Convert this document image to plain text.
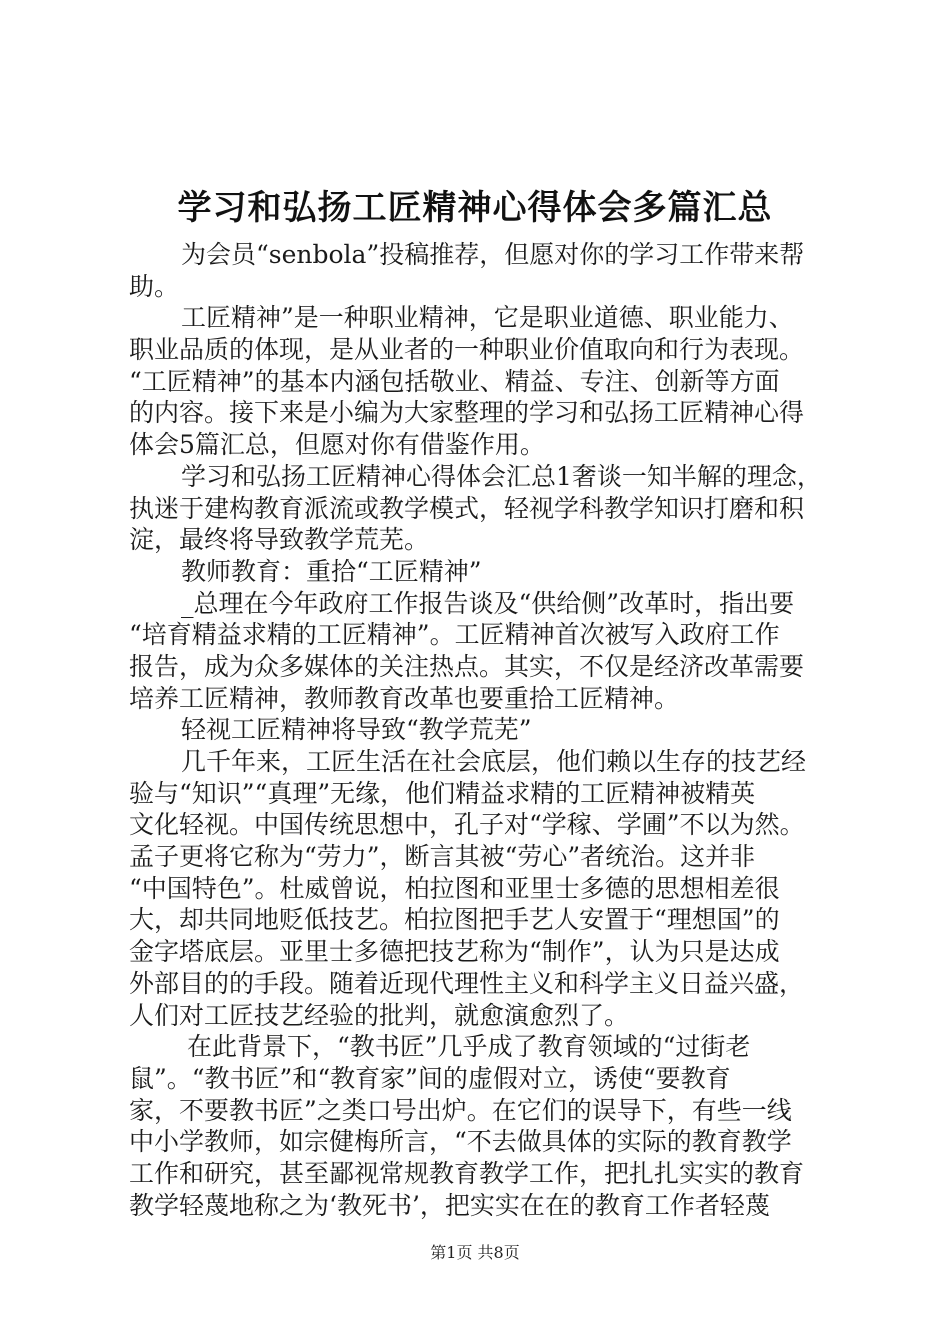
学习和弘扬工匠精神心得体会多篇汇总
为会员“senbola”投稿推荐，但愿对你的学习工作带来帮
助。
工匠精神”是一种职业精神，它是职业道德、职业能力、
职业品质的体现，是从业者的一种职业价值取向和行为表现。
“工匠精神”的基本内涵包括敬业、精益、专注、创新等方面
的内容。接下来是小编为大家整理的学习和弘扬工匠精神心得
体会5篇汇总，但愿对你有借鉴作用。
学习和弘扬工匠精神心得体会汇总1奢谈一知半解的理念，
执迷于建构教育派流或教学模式，轻视学科教学知识打磨和积
淀，最终将导致教学荒芜。
教师教育：重拾“工匠精神”
_总理在今年政府工作报告谈及“供给侧”改革时，指出要
“培育精益求精的工匠精神”。工匠精神首次被写入政府工作
报告，成为众多媒体的关注热点。其实，不仅是经济改革需要
培养工匠精神，教师教育改革也要重拾工匠精神。
轻视工匠精神将导致“教学荒芜”
几千年来，工匠生活在社会底层，他们赖以生存的技艺经
验与“知识”“真理”无缘，他们精益求精的工匠精神被精英
文化轻视。中国传统思想中，孔子对“学稼、学圃”不以为然。
孟子更将它称为“劳力”，断言其被“劳心”者统治。这并非
“中国特色”。杜威曾说，柏拉图和亚里士多德的思想相差很
大，却共同地贬低技艺。柏拉图把手艺人安置于“理想国”的
金字塔底层。亚里士多德把技艺称为“制作”，认为只是达成
外部目的的手段。随着近现代理性主义和科学主义日益兴盛，
人们对工匠技艺经验的批判，就愈演愈烈了。
在此背景下，“教书匠”几乎成了教育领域的“过街老
鼠”。“教书匠”和“教育家”间的虚假对立，诱使“要教育
家，不要教书匠”之类口号出炉。在它们的误导下，有些一线
中小学教师，如宗健梅所言，“不去做具体的实际的教育教学
工作和研究，甚至鄙视常规教育教学工作，把扎扎实实的教育
教学轻蔑地称之为‘教死书’，把实实在在的教育工作者轻蔑
第1页 共8页
